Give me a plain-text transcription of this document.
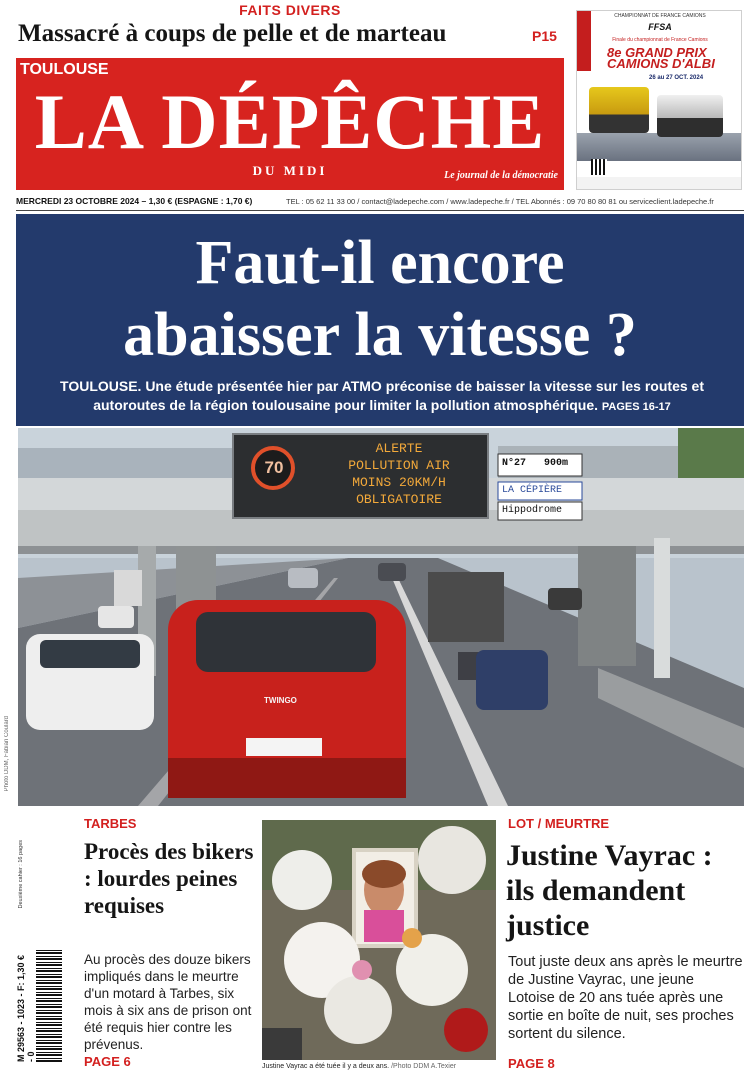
FAITS DIVERS
Massacré à coups de pelle et de marteau	P15
TOULOUSE
LA DÉPÊCHE
DU MIDI	Le journal de la démocratie
CHAMPIONNAT DE FRANCE CAMIONS
FFSA
Finale du championnat de France Camions
8e GRAND PRIX CAMIONS D'ALBI
26 au 27 OCT. 2024
MERCREDI 23 OCTOBRE 2024 – 1,30 € (ESPAGNE : 1,70 €)	TEL : 05 62 11 33 00 / contact@ladepeche.com / www.ladepeche.fr / TEL Abonnés : 09 70 80 80 81 ou serviceclient.ladepeche.fr
Faut-il encore
abaisser la vitesse ?
TOULOUSE. Une étude présentée hier par ATMO préconise de baisser la vitesse sur les routes et autoroutes de la région toulousaine pour limiter la pollution atmosphérique. PAGES 16-17
70
ALERTE
POLLUTION AIR
MOINS 20KM/H
OBLIGATOIRE
N°27 900m
LA CÉPIÈRE
Hippodrome
TWINGO
Photo DDM, Fabian Coulard
Deuxième cahier : 16 pages
M 29563 - 1023 - F: 1,30 € - 0
TARBES
Procès des bikers : lourdes peines requises
Au procès des douze bikers impliqués dans le meurtre d'un motard à Tarbes, six mois à six ans de prison ont été requis hier contre les prévenus.
PAGE 6	Justine Vayrac a été tuée il y a deux ans. /Photo DDM A.Texier
LOT / MEURTRE
Justine Vayrac : ils demandent justice
Tout juste deux ans après le meurtre de Justine Vayrac, une jeune Lotoise de 20 ans tuée après une sortie en boîte de nuit, ses proches sortent du silence.
PAGE 8
